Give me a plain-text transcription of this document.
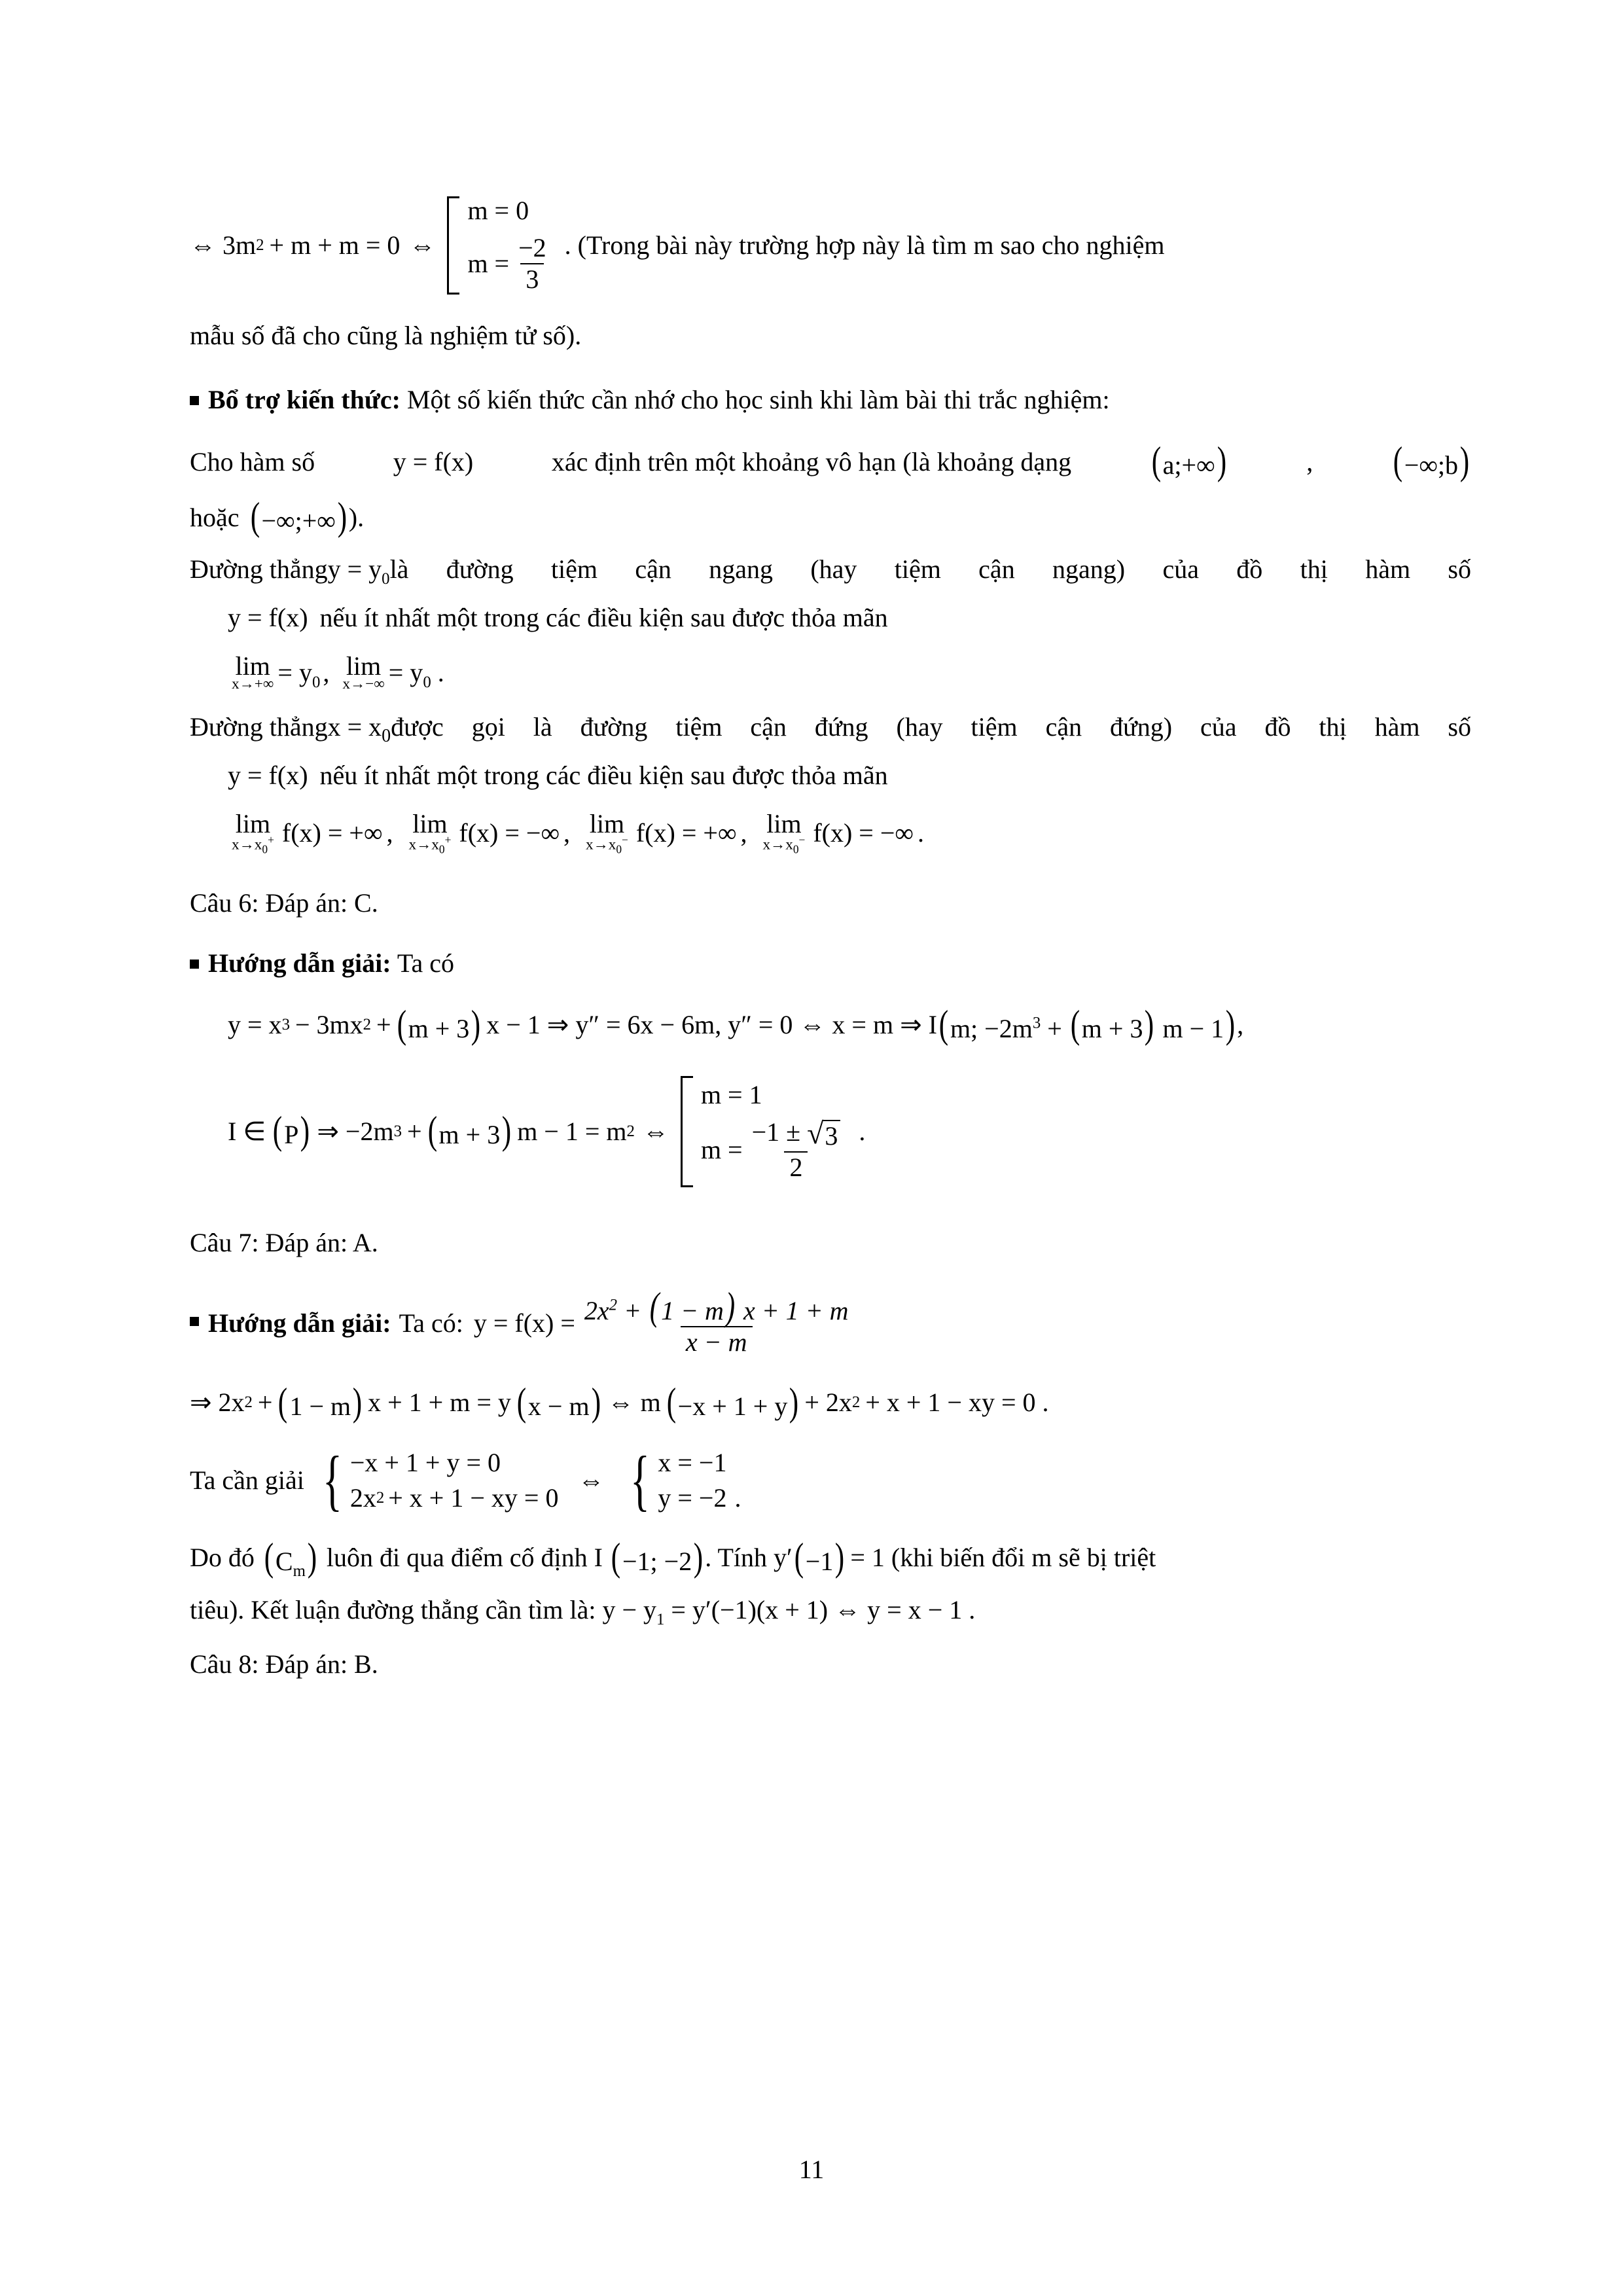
⇔ 3m 2 + m + m = 0 ⇔
m = 0
$m = \frac{-2}{3}$ . (Trong bài này trường hợp này là tìm m sao cho nghiệm

mẫu số đã cho cũng là nghiệm tử số).

Bổ trợ kiến thức: Một số kiến thức cần nhớ cho học sinh khi làm bài thi trắc nghiệm:

Cho hàm số	y = f(x)	xác định trên một khoảng vô hạn (là khoảng dạng (a;+∞)	, (−∞;b)
hoặc (−∞;+∞) ).
Đường thẳng $y = y_0$ là đường tiệm cận ngang (hay tiệm cận ngang) của đồ thị hàm số
y = f(x) nếu ít nhất một trong các điều kiện sau được thỏa mãn
lim
$x\to+\infty = y_0$ , lim
$x\to-\infty = y_0$ .
Đường thẳng $x = x_0$ được gọi là đường tiệm cận đứng (hay tiệm cận đứng) của đồ thị hàm số
y = f(x) nếu ít nhất một trong các điều kiện sau được thỏa mãn
lim
$x\to x_0^+$ f(x) = +∞ , lim
$x\to x_0^+$ f(x) = −∞ , lim
$x\to x_0^-$ f(x) = +∞ , lim
$x\to x_0^-$ f(x) = −∞ .

Câu 6: Đáp án: C.

Hướng dẫn giải: Ta có

y = x 3 − 3mx 2 + (m + 3) x − 1 ⇒ y″ = 6x − 6m, y″ = 0 ⇔ x = m ⇒ I (m; $-2m^3 + (m + 3) m - 1$) ,
I ∈ (P) ⇒ −2m 3 + (m + 3) m − 1 = m 2 ⇔
m = 1
$m = \frac{-1 \pm √ 3}{2}$ .

Câu 7: Đáp án: A.

Hướng dẫn giải: Ta có: $y = f(x) = \frac{2x^2 + (1 - m) x + 1 + m}{x - m}$
⇒ 2x 2 + (1 − m) x + 1 + m = y (x − m) ⇔ m (−x + 1 + y) + 2x 2 + x + 1 − xy = 0 .
Ta cần giải { −x + 1 + y = 0
2x 2 + x + 1 − xy = 0
⇔ { x = −1
y = −2 .
Do đó $(C_m)$ luôn đi qua điểm cố định I (−1; −2) . Tính y′ (−1) = 1 (khi biến đổi m sẽ bị triệt
tiêu). Kết luận đường thẳng cần tìm là: $y - y_1 = y'(-1)(x + 1)$ ⇔ y = x − 1 .

Câu 8: Đáp án: B.

11
